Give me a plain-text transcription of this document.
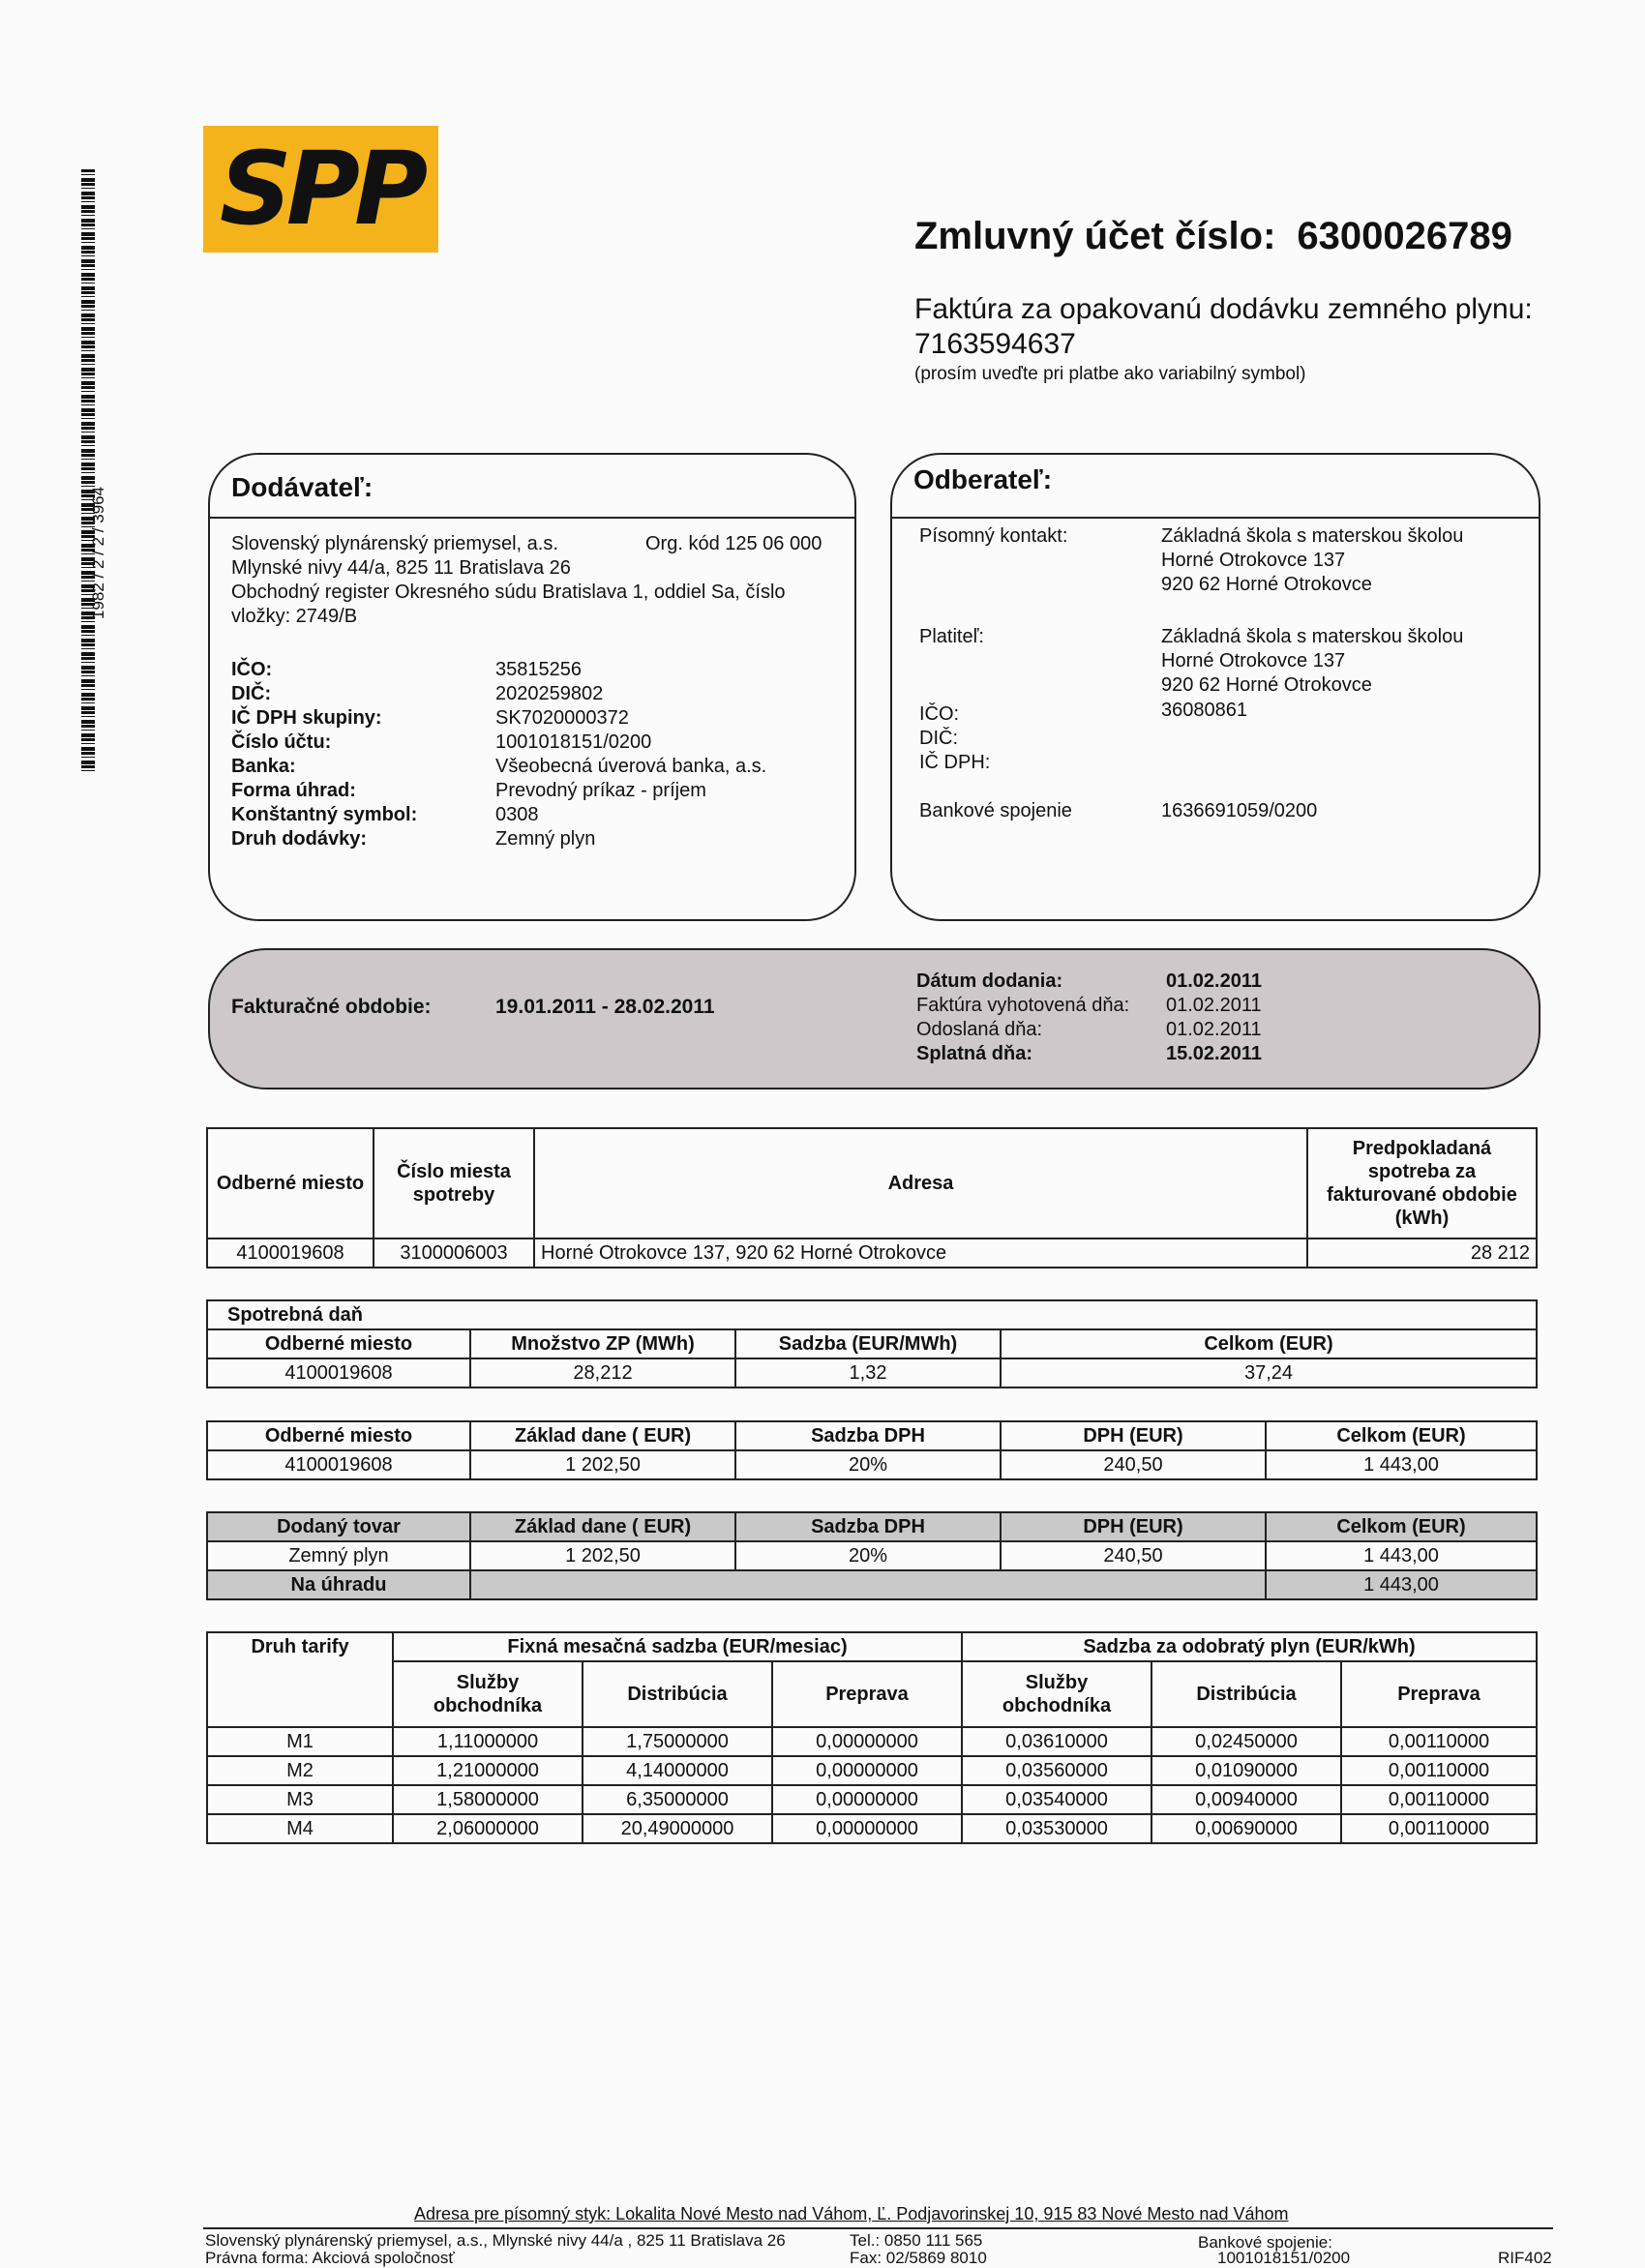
SPP
1982 / 2 / 2 / 3964
Zmluvný účet číslo: 6300026789
Faktúra za opakovanú dodávku zemného plynu:
7163594637
(prosím uveďte pri platbe ako variabilný symbol)
Dodávateľ:
Slovenský plynárenský priemysel, a.s.	Org. kód 125 06 000
Mlynské nivy 44/a, 825 11 Bratislava 26
Obchodný register Okresného súdu Bratislava 1, oddiel Sa, číslo
vložky: 2749/B
IČO:	35815256
DIČ:	2020259802
IČ DPH skupiny:	SK7020000372
Číslo účtu:	1001018151/0200
Banka:	Všeobecná úverová banka, a.s.
Forma úhrad:	Prevodný príkaz - príjem
Konštantný symbol:	0308
Druh dodávky:	Zemný plyn
Odberateľ:
Písomný kontakt:	Základná škola s materskou školou
Horné Otrokovce 137
920 62 Horné Otrokovce
Platiteľ:	Základná škola s materskou školou
Horné Otrokovce 137
920 62 Horné Otrokovce
IČO:	36080861
DIČ:
IČ DPH:
Bankové spojenie	1636691059/0200
Fakturačné obdobie:	19.01.2011 - 28.02.2011
Dátum dodania:	01.02.2011
Faktúra vyhotovená dňa: 01.02.2011
Odoslaná dňa:	01.02.2011
Splatná dňa:	15.02.2011
Odberné miesto	Číslo miesta spotreby	Adresa	Predpokladaná spotreba za fakturované obdobie (kWh)
4100019608	3100006003	Horné Otrokovce 137, 920 62 Horné Otrokovce	28 212
Spotrebná daň			
Odberné miesto	Množstvo ZP (MWh)	Sadzba (EUR/MWh)	Celkom (EUR)
4100019608	28,212	1,32	37,24
Odberné miesto	Základ dane ( EUR)	Sadzba DPH	DPH (EUR)	Celkom (EUR)
4100019608	1 202,50	20%	240,50	1 443,00
Dodaný tovar	Základ dane ( EUR)	Sadzba DPH	DPH (EUR)	Celkom (EUR)
Zemný plyn	1 202,50	20%	240,50	1 443,00
Na úhradu				1 443,00
Druh tarify	Fixná mesačná sadzba (EUR/mesiac)			Sadzba za odobratý plyn (EUR/kWh)		
	Služby obchodníka	Distribúcia	Preprava	Služby obchodníka	Distribúcia	Preprava
M1	1,11000000	1,75000000	0,00000000	0,03610000	0,02450000	0,00110000
M2	1,21000000	4,14000000	0,00000000	0,03560000	0,01090000	0,00110000
M3	1,58000000	6,35000000	0,00000000	0,03540000	0,00940000	0,00110000
M4	2,06000000	20,49000000	0,00000000	0,03530000	0,00690000	0,00110000
Adresa pre písomný styk: Lokalita Nové Mesto nad Váhom, Ľ. Podjavorinskej 10, 915 83 Nové Mesto nad Váhom
Slovenský plynárenský priemysel, a.s., Mlynské nivy 44/a , 825 11 Bratislava 26	Tel.: 0850 111 565	Bankové spojenie:
Právna forma: Akciová spoločnosť	Fax: 02/5869 8010	1001018151/0200	RIF402
